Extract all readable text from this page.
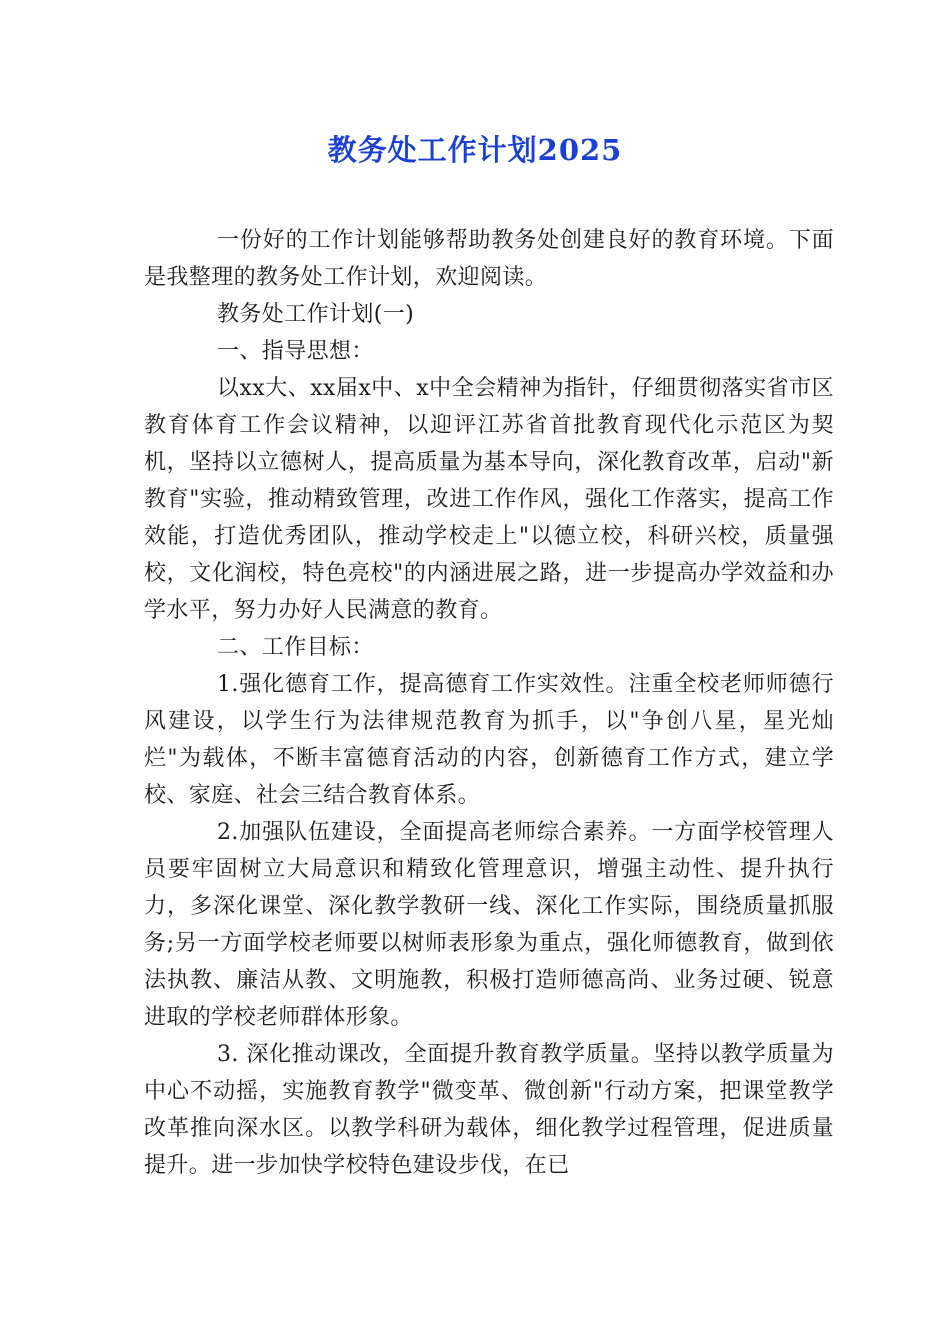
教务处工作计划2025

一份好的工作计划能够帮助教务处创建良好的教育环境。下面是我整理的教务处工作计划，欢迎阅读。

教务处工作计划(一)

一、指导思想：

以xx大、xx届x中、x中全会精神为指针，仔细贯彻落实省市区教育体育工作会议精神，以迎评江苏省首批教育现代化示范区为契机，坚持以立德树人，提高质量为基本导向，深化教育改革，启动"新教育"实验，推动精致管理，改进工作作风，强化工作落实，提高工作效能，打造优秀团队，推动学校走上"以德立校，科研兴校，质量强校，文化润校，特色亮校"的内涵进展之路，进一步提高办学效益和办学水平，努力办好人民满意的教育。

二、工作目标：

1.强化德育工作，提高德育工作实效性。注重全校老师师德行风建设，以学生行为法律规范教育为抓手，以"争创八星，星光灿烂"为载体，不断丰富德育活动的内容，创新德育工作方式，建立学校、家庭、社会三结合教育体系。

2.加强队伍建设，全面提高老师综合素养。一方面学校管理人员要牢固树立大局意识和精致化管理意识，增强主动性、提升执行力，多深化课堂、深化教学教研一线、深化工作实际，围绕质量抓服务;另一方面学校老师要以树师表形象为重点，强化师德教育，做到依法执教、廉洁从教、文明施教，积极打造师德高尚、业务过硬、锐意进取的学校老师群体形象。

3. 深化推动课改，全面提升教育教学质量。坚持以教学质量为中心不动摇，实施教育教学"微变革、微创新"行动方案，把课堂教学改革推向深水区。以教学科研为载体，细化教学过程管理，促进质量提升。进一步加快学校特色建设步伐，在已
